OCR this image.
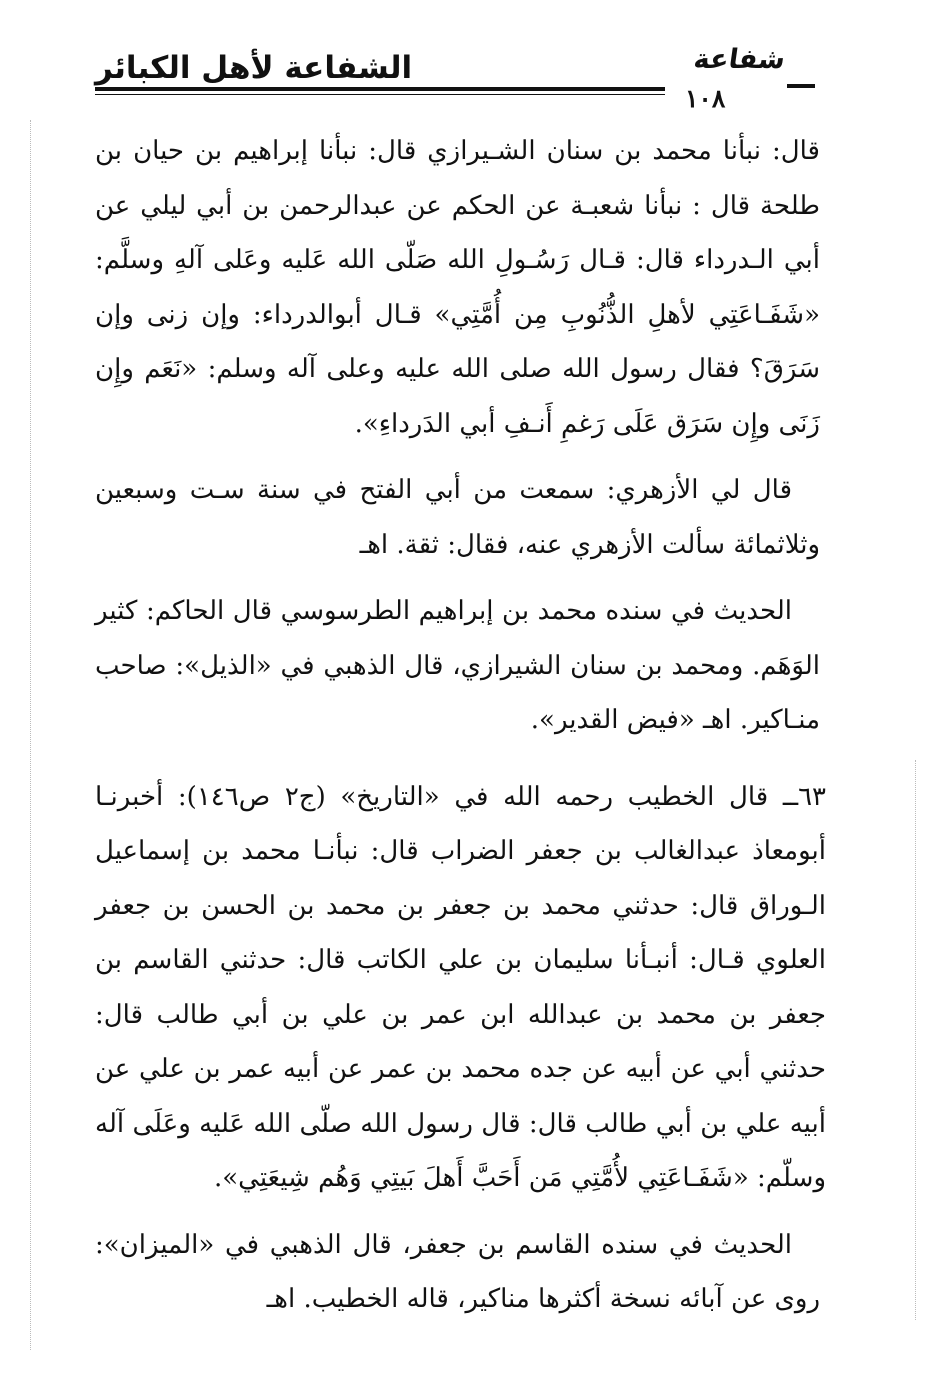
الشفاعة لأهل الكبائر
١٠٨
شفاعة

قال: نبأنا محمد بن سنان الشـيرازي قال: نبأنا إبراهيم بن حيان بن طلحة قال : نبأنا شعبـة عن الحكم عن عبدالرحمن بن أبي ليلي عن أبي الـدرداء قال: قـال رَسُـولِ الله صَلّى الله عَليه وعَلى آلهِ وسلَّم: «شَفَـاعَتِي لأهلِ الذُّنُوبِ مِن أُمَّتِي» قـال أبوالدرداء: وإن زنى وإن سَرَقَ؟ فقال رسول الله صلى الله عليه وعلى آله وسلم: «نَعَم وإِن زَنَى وإِن سَرَق عَلَى رَغمِ أَنـفِ أبي الدَرداءِ».

قال لي الأزهري: سمعت من أبي الفتح في سنة سـت وسبعين وثلاثمائة سألت الأزهري عنه، فقال: ثقة. اهـ

الحديث في سنده محمد بن إبراهيم الطرسوسي قال الحاكم: كثير الوَهَم. ومحمد بن سنان الشيرازي، قال الذهبي في «الذيل»: صاحب منـاكير. اهـ «فيض القدير».

٦٣ــ قال الخطيب رحمه الله في «التاريخ» (ج٢ ص١٤٦): أخبرنـا أبومعاذ عبدالغالب بن جعفر الضراب قال: نبأنـا محمد بن إسماعيل الـوراق قال: حدثني محمد بن جعفر بن محمد بن الحسن بن جعفر العلوي قـال: أنبـأنا سليمان بن علي الكاتب قال: حدثني القاسم بن جعفر بن محمد بن عبدالله ابن عمر بن علي بن أبي طالب قال: حدثني أبي عن أبيه عن جده محمد بن عمر عن أبيه عمر بن علي عن أبيه علي بن أبي طالب قال: قال رسول الله صلّى الله عَليه وعَلَى آله وسلّم: «شَفَـاعَتِي لأُمَّتِي مَن أَحَبَّ أَهلَ بَيتِي وَهُم شِيعَتِي».

الحديث في سنده القاسم بن جعفر، قال الذهبي في «الميزان»: روى عن آبائه نسخة أكثرها مناكير، قاله الخطيب. اهـ
